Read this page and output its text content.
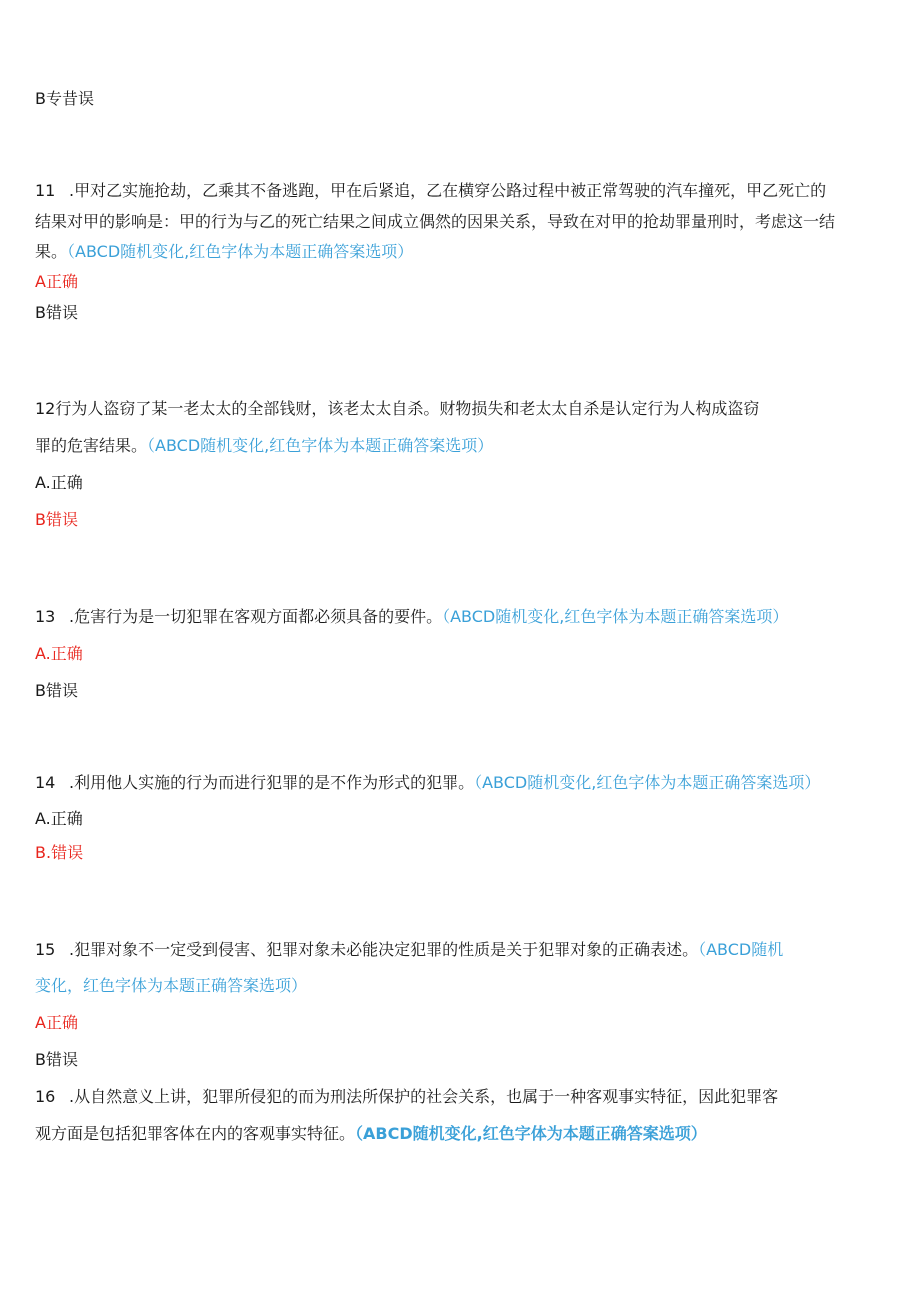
B专昔误
11 .甲对乙实施抢劫，乙乘其不备逃跑，甲在后紧追，乙在横穿公路过程中被正常驾驶的汽车撞死，甲乙死亡的
结果对甲的影响是：甲的行为与乙的死亡结果之间成立偶然的因果关系，导致在对甲的抢劫罪量刑时，考虑这一结
果。（ABCD随机变化,红色字体为本题正确答案选项）
A正确
B错误
12行为人盗窃了某一老太太的全部钱财，该老太太自杀。财物损失和老太太自杀是认定行为人构成盗窃
罪的危害结果。（ABCD随机变化,红色字体为本题正确答案选项）
A.正确
B错误
13 .危害行为是一切犯罪在客观方面都必须具备的要件。（ABCD随机变化,红色字体为本题正确答案选项）
A.正确
B错误
14 .利用他人实施的行为而进行犯罪的是不作为形式的犯罪。（ABCD随机变化,红色字体为本题正确答案选项）
A.正确
B.错误
15 .犯罪对象不一定受到侵害、犯罪对象未必能决定犯罪的性质是关于犯罪对象的正确表述。（ABCD随机
变化，红色字体为本题正确答案选项）
A正确
B错误
16 .从自然意义上讲，犯罪所侵犯的而为刑法所保护的社会关系，也属于一种客观事实特征，因此犯罪客
观方面是包括犯罪客体在内的客观事实特征。（ABCD随机变化,红色字体为本题正确答案选项）
